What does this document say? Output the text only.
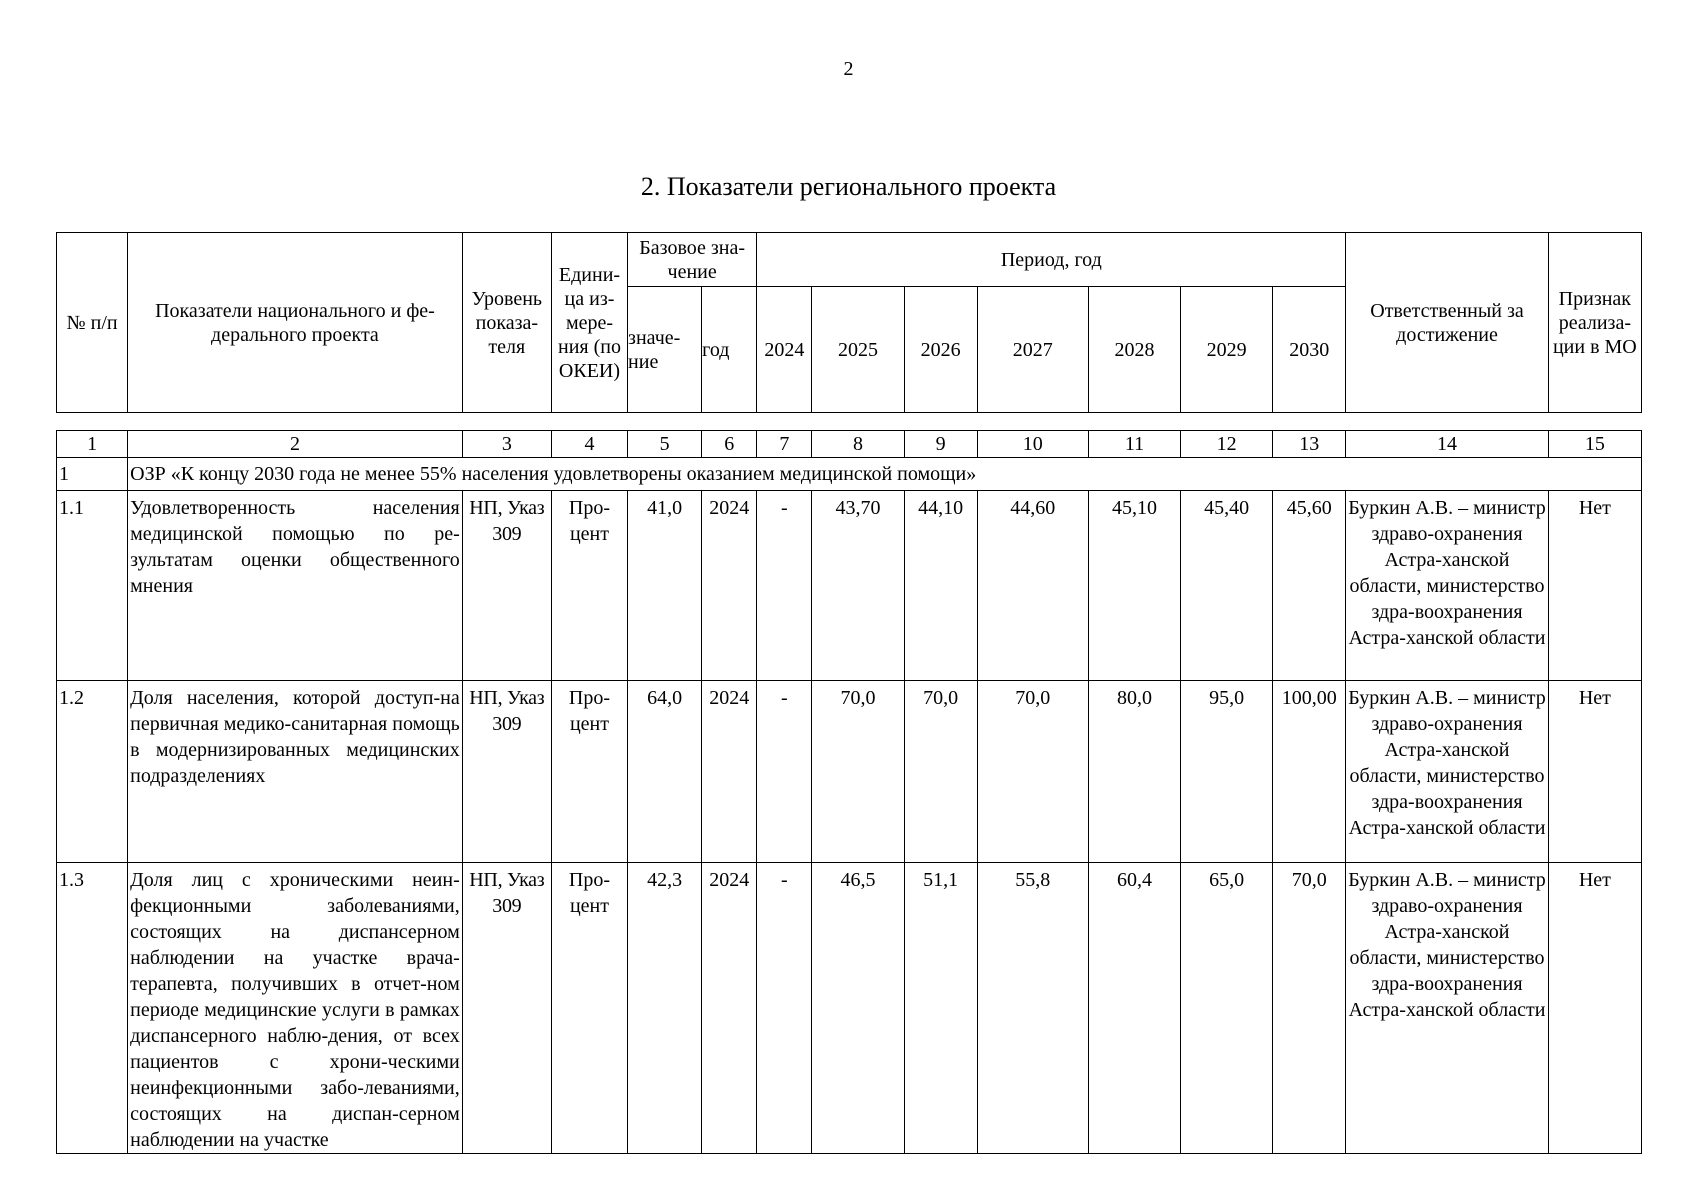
2
2. Показатели регионального проекта
№ п/п	Показатели национального и фе-дерального проекта	Уровень показа-теля	Едини-ца из-мере-ния (по ОКЕИ)	Базовое зна-чение		Период, год							Ответственный за достижение	Признак реализа-ции в МО
				значе-ние	год	2024	2025	2026	2027	2028	2029	2030		
1	2	3	4	5	6	7	8	9	10	11	12	13	14	15
1	ОЗР «К концу 2030 года не менее 55% населения удовлетворены оказанием медицинской помощи»													
1.1	Удовлетворенность населения медицинской помощью по ре-зультатам оценки общественного мнения	НП, Указ 309	Про-цент	41,0	2024	-	43,70	44,10	44,60	45,10	45,40	45,60	Буркин А.В. – министр здраво-охранения Астра-ханской области, министерство здра-воохранения Астра-ханской области	Нет
1.2	Доля населения, которой доступ-на первичная медико-санитарная помощь в модернизированных медицинских подразделениях	НП, Указ 309	Про-цент	64,0	2024	-	70,0	70,0	70,0	80,0	95,0	100,00	Буркин А.В. – министр здраво-охранения Астра-ханской области, министерство здра-воохранения Астра-ханской области	Нет
1.3	Доля лиц с хроническими неин-фекционными заболеваниями, состоящих на диспансерном наблюдении на участке врача-терапевта, получивших в отчет-ном периоде медицинские услуги в рамках диспансерного наблю-дения, от всех пациентов с хрони-ческими неинфекционными забо-леваниями, состоящих на диспан-серном наблюдении на участке	НП, Указ 309	Про-цент	42,3	2024	-	46,5	51,1	55,8	60,4	65,0	70,0	Буркин А.В. – министр здраво-охранения Астра-ханской области, министерство здра-воохранения Астра-ханской области	Нет
